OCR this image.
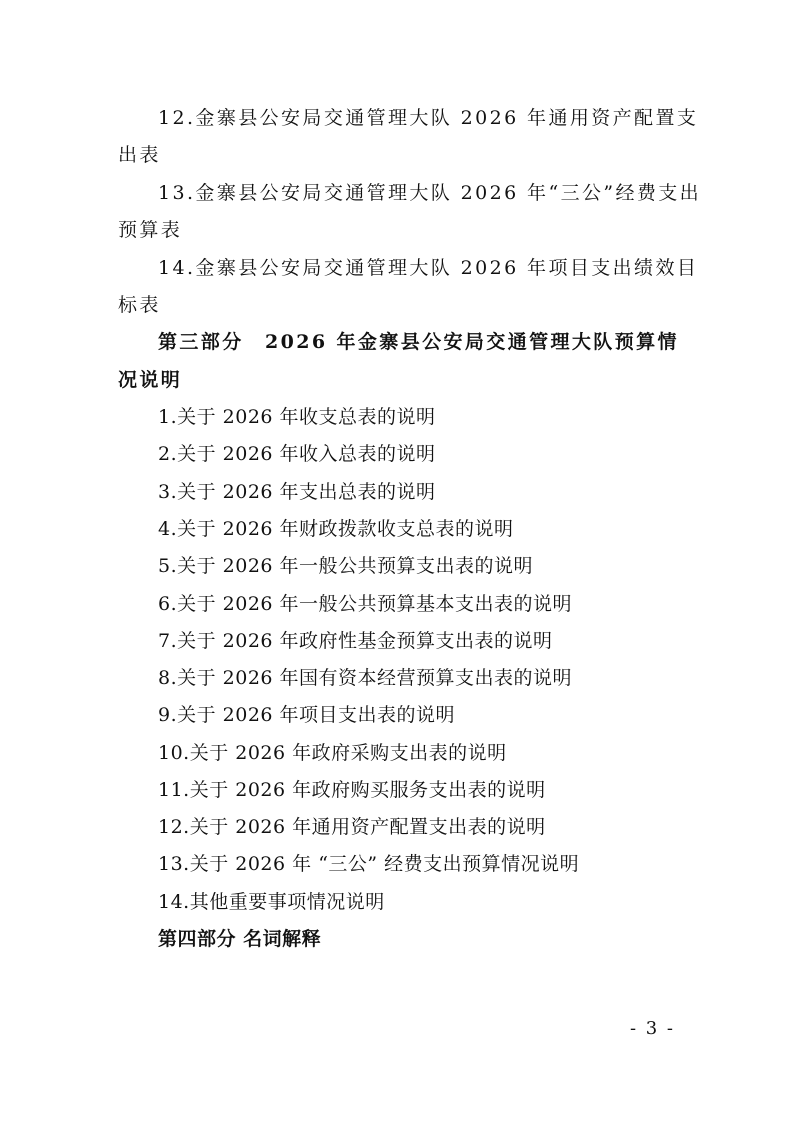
12.金寨县公安局交通管理大队 2026 年通用资产配置支
出表
13.金寨县公安局交通管理大队 2026 年“三公”经费支出
预算表
14.金寨县公安局交通管理大队 2026 年项目支出绩效目
标表
第三部分　2026 年金寨县公安局交通管理大队预算情
况说明
1.关于 2026 年收支总表的说明
2.关于 2026 年收入总表的说明
3.关于 2026 年支出总表的说明
4.关于 2026 年财政拨款收支总表的说明
5.关于 2026 年一般公共预算支出表的说明
6.关于 2026 年一般公共预算基本支出表的说明
7.关于 2026 年政府性基金预算支出表的说明
8.关于 2026 年国有资本经营预算支出表的说明
9.关于 2026 年项目支出表的说明
10.关于 2026 年政府采购支出表的说明
11.关于 2026 年政府购买服务支出表的说明
12.关于 2026 年通用资产配置支出表的说明
13.关于 2026 年 “三公” 经费支出预算情况说明
14.其他重要事项情况说明
第四部分 名词解释
- 3 -
